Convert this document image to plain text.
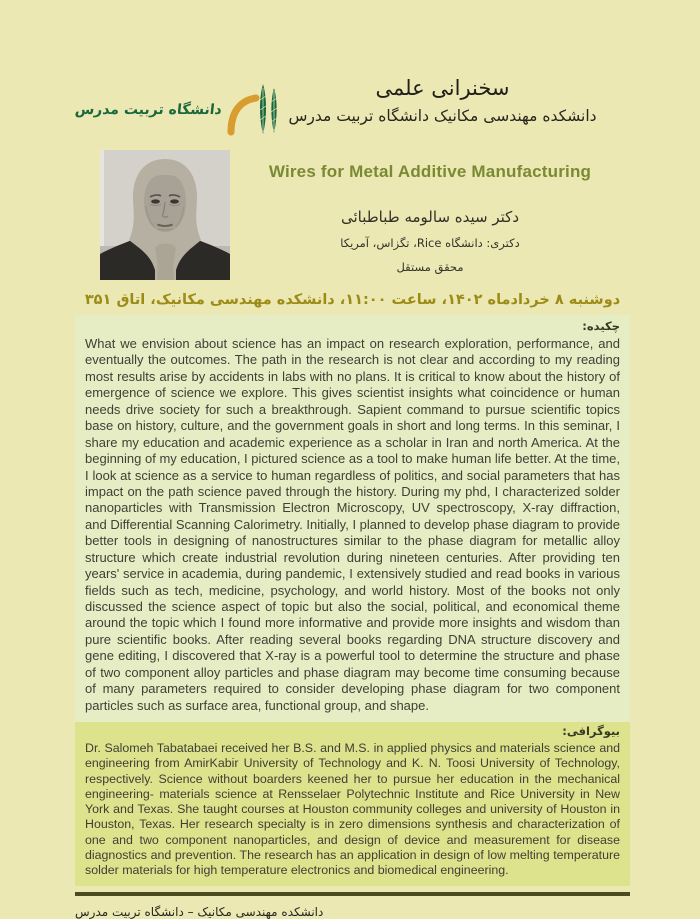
دانشگاه تربیت مدرس
سخنرانی علمی
دانشکده مهندسی مکانیک دانشگاه تربیت مدرس
Wires for Metal Additive Manufacturing
دکتر سیده سالومه طباطبائی
دکتری: دانشگاه Rice، تگزاس، آمریکا
محقق مستقل
دوشنبه ۸ خردادماه ۱۴۰۲، ساعت ۱۱:۰۰، دانشکده مهندسی مکانیک، اتاق ۳۵۱
چکیده:

What we envision about science has an impact on research exploration, performance, and eventually the outcomes. The path in the research is not clear and according to my reading most results arise by accidents in labs with no plans. It is critical to know about the history of emergence of science we explore. This gives scientist insights what coincidence or human needs drive society for such a breakthrough. Sapient command to pursue scientific topics base on history, culture, and the government goals in short and long terms. In this seminar, I share my education and academic experience as a scholar in Iran and north America. At the beginning of my education, I pictured science as a tool to make human life better. At the time, I look at science as a service to human regardless of politics, and social parameters that has impact on the path science paved through the history. During my phd, I characterized solder nanoparticles with Transmission Electron Microscopy, UV spectroscopy, X-ray diffraction, and Differential Scanning Calorimetry. Initially, I planned to develop phase diagram to provide better tools in designing of nanostructures similar to the phase diagram for metallic alloy structure which create industrial revolution during nineteen centuries. After providing ten years' service in academia, during pandemic, I extensively studied and read books in various fields such as tech, medicine, psychology, and world history. Most of the books not only discussed the science aspect of topic but also the social, political, and economical theme around the topic which I found more informative and provide more insights and wisdom than pure scientific books. After reading several books regarding DNA structure discovery and gene editing, I discovered that X-ray is a powerful tool to determine the structure and phase of two component alloy particles and phase diagram may become time consuming because of many parameters required to consider developing phase diagram for two component particles such as surface area, functional group, and shape.

بیوگرافی:

Dr. Salomeh Tabatabaei received her B.S. and M.S. in applied physics and materials science and engineering from AmirKabir University of Technology and K. N. Toosi University of Technology, respectively. Science without boarders keened her to pursue her education in the mechanical engineering- materials science at Rensselaer Polytechnic Institute and Rice University in New York and Texas. She taught courses at Houston community colleges and university of Houston in Houston, Texas. Her research specialty is in zero dimensions synthesis and characterization of one and two component nanoparticles, and design of device and measurement for disease diagnostics and prevention. The research has an application in design of low melting temperature solder materials for high temperature electronics and biomedical engineering.

دانشکده مهندسی مکانیک – دانشگاه تربیت مدرس
